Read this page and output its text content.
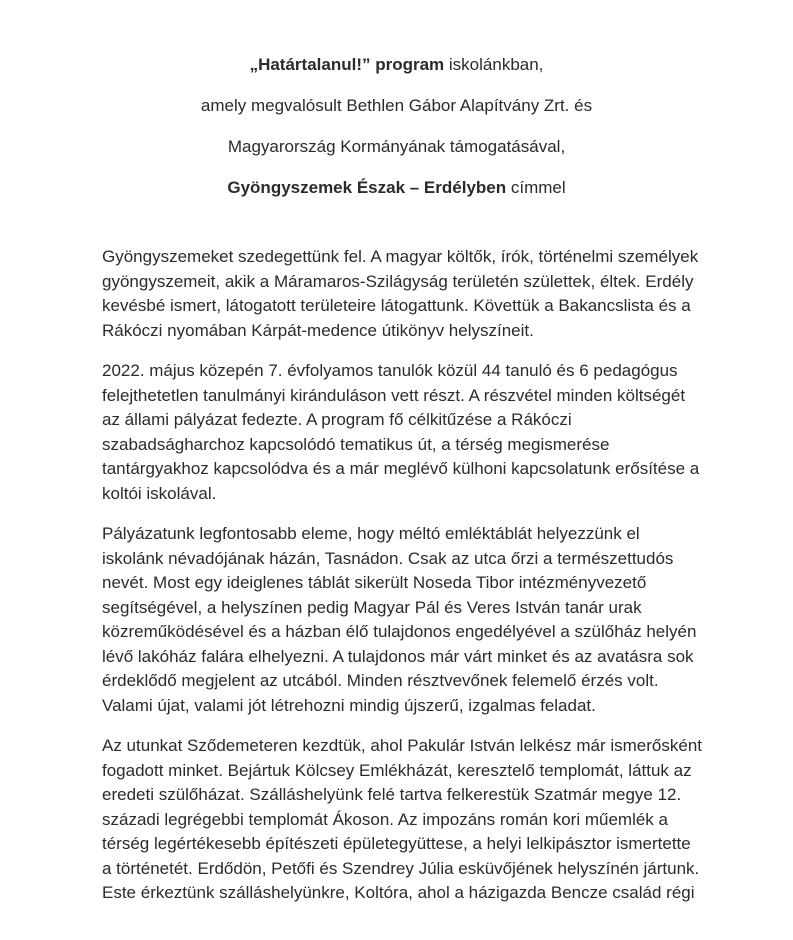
„Határtalanul!” program iskolánkban,
amely megvalósult Bethlen Gábor Alapítvány Zrt. és
Magyarország Kormányának támogatásával,
Gyöngyszemek Észak – Erdélyben címmel

Gyöngyszemeket szedegettünk fel. A magyar költők, írók, történelmi személyek
gyöngyszemeit, akik a Máramaros-Szilágyság területén születtek, éltek. Erdély
kevésbé ismert, látogatott területeire látogattunk. Követtük a Bakancslista és a
Rákóczi nyomában Kárpát-medence útikönyv helyszíneit.

2022. május közepén 7. évfolyamos tanulók közül 44 tanuló és 6 pedagógus
felejthetetlen tanulmányi kiránduláson vett részt. A részvétel minden költségét
az állami pályázat fedezte. A program fő célkitűzése a Rákóczi
szabadságharchoz kapcsolódó tematikus út, a térség megismerése
tantárgyakhoz kapcsolódva és a már meglévő külhoni kapcsolatunk erősítése a
koltói iskolával.

Pályázatunk legfontosabb eleme, hogy méltó emléktáblát helyezzünk el
iskolánk névadójának házán, Tasnádon. Csak az utca őrzi a természettudós
nevét. Most egy ideiglenes táblát sikerült Noseda Tibor intézményvezető
segítségével, a helyszínen pedig Magyar Pál és Veres István tanár urak
közreműködésével és a házban élő tulajdonos engedélyével a szülőház helyén
lévő lakóház falára elhelyezni. A tulajdonos már várt minket és az avatásra sok
érdeklődő megjelent az utcából. Minden résztvevőnek felemelő érzés volt.
Valami újat, valami jót létrehozni mindig újszerű, izgalmas feladat.

Az utunkat Sződemeteren kezdtük, ahol Pakulár István lelkész már ismerősként
fogadott minket. Bejártuk Kölcsey Emlékházát, keresztelő templomát, láttuk az
eredeti szülőházat. Szálláshelyünk felé tartva felkerestük Szatmár megye 12.
századi legrégebbi templomát Ákoson. Az impozáns román kori műemlék a
térség legértékesebb építészeti épületegyüttese, a helyi lelkipásztor ismertette
a történetét. Erdődön, Petőfi és Szendrey Júlia esküvőjének helyszínén jártunk.
Este érkeztünk szálláshelyünkre, Koltóra, ahol a házigazda Bencze család régi
